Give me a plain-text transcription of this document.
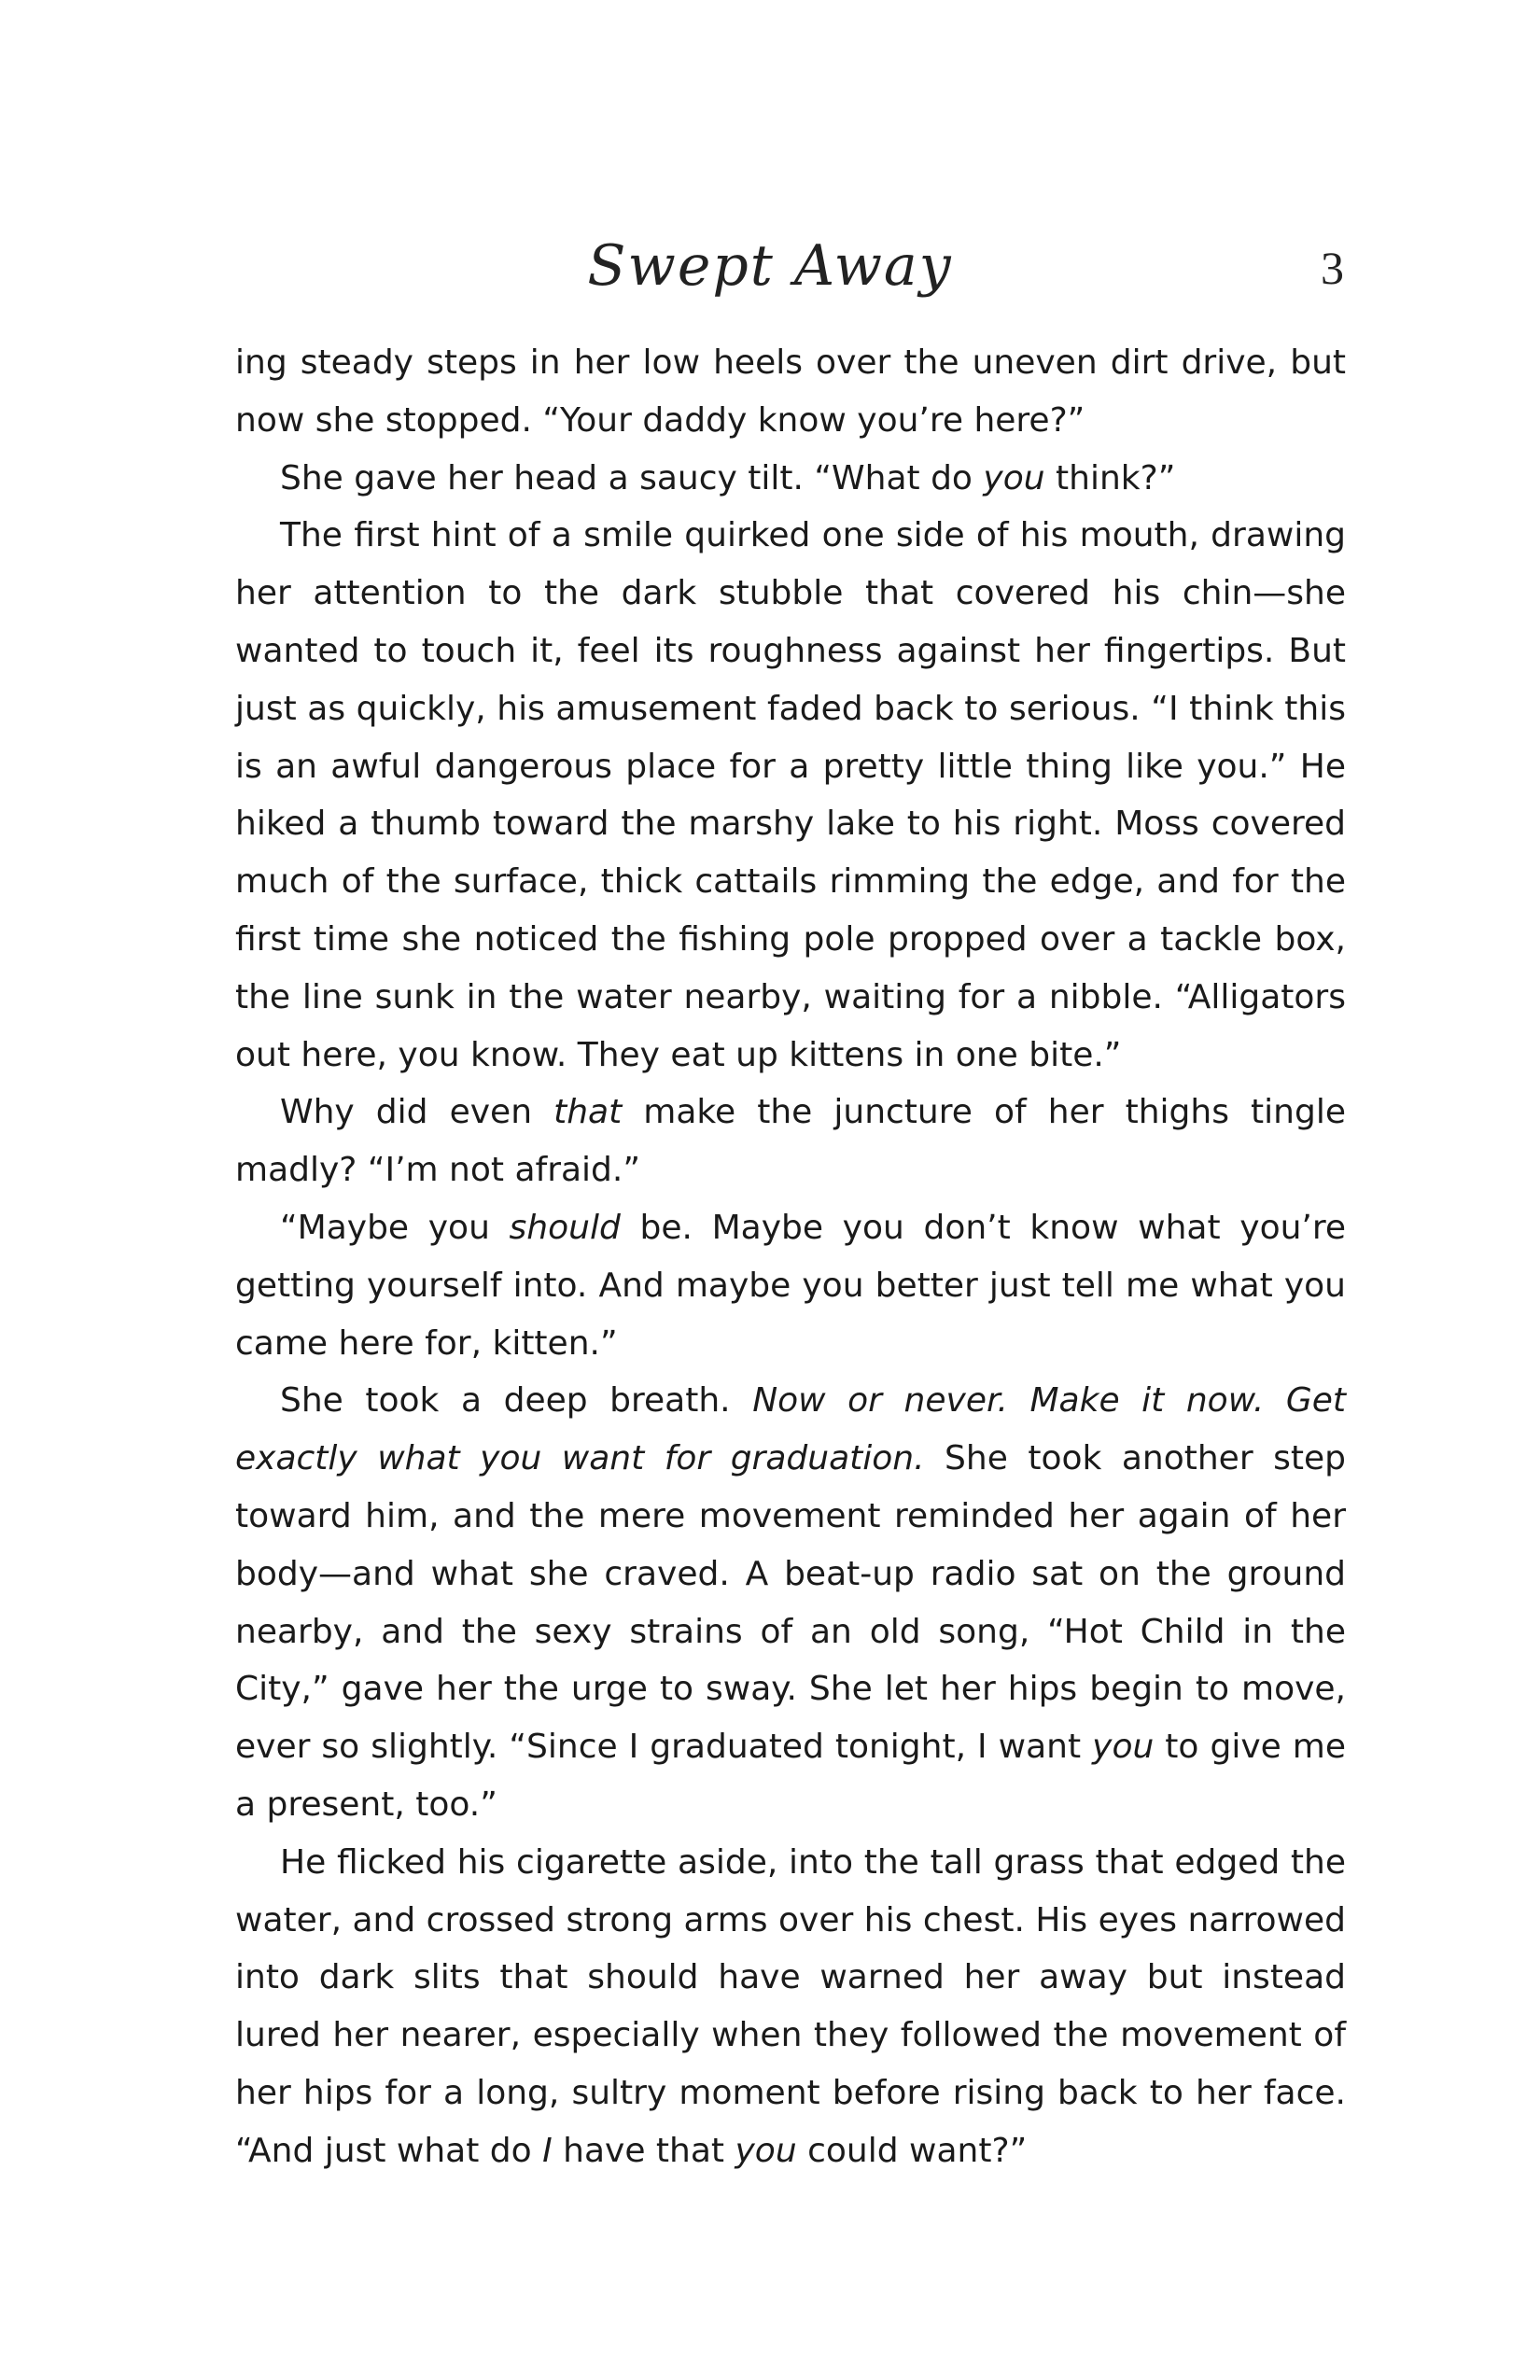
Swept Away	3

ing steady steps in her low heels over the uneven dirt drive, but now she stopped. “Your daddy know you’re here?”

She gave her head a saucy tilt. “What do you think?”

The first hint of a smile quirked one side of his mouth, drawing her attention to the dark stubble that covered his chin—she wanted to touch it, feel its roughness against her fingertips. But just as quickly, his amusement faded back to serious. “I think this is an awful dangerous place for a pretty little thing like you.” He hiked a thumb toward the marshy lake to his right. Moss covered much of the surface, thick cattails rimming the edge, and for the first time she noticed the fishing pole propped over a tackle box, the line sunk in the water nearby, waiting for a nibble. “Alligators out here, you know. They eat up kittens in one bite.”

Why did even that make the juncture of her thighs tingle madly? “I’m not afraid.”

“Maybe you should be. Maybe you don’t know what you’re getting yourself into. And maybe you better just tell me what you came here for, kitten.”

She took a deep breath. Now or never. Make it now. Get exactly what you want for graduation. She took another step toward him, and the mere movement reminded her again of her body—and what she craved. A beat-up radio sat on the ground nearby, and the sexy strains of an old song, “Hot Child in the City,” gave her the urge to sway. She let her hips begin to move, ever so slightly. “Since I graduated tonight, I want you to give me a present, too.”

He flicked his cigarette aside, into the tall grass that edged the water, and crossed strong arms over his chest. His eyes narrowed into dark slits that should have warned her away but instead lured her nearer, especially when they followed the movement of her hips for a long, sultry moment before rising back to her face. “And just what do I have that you could want?”
